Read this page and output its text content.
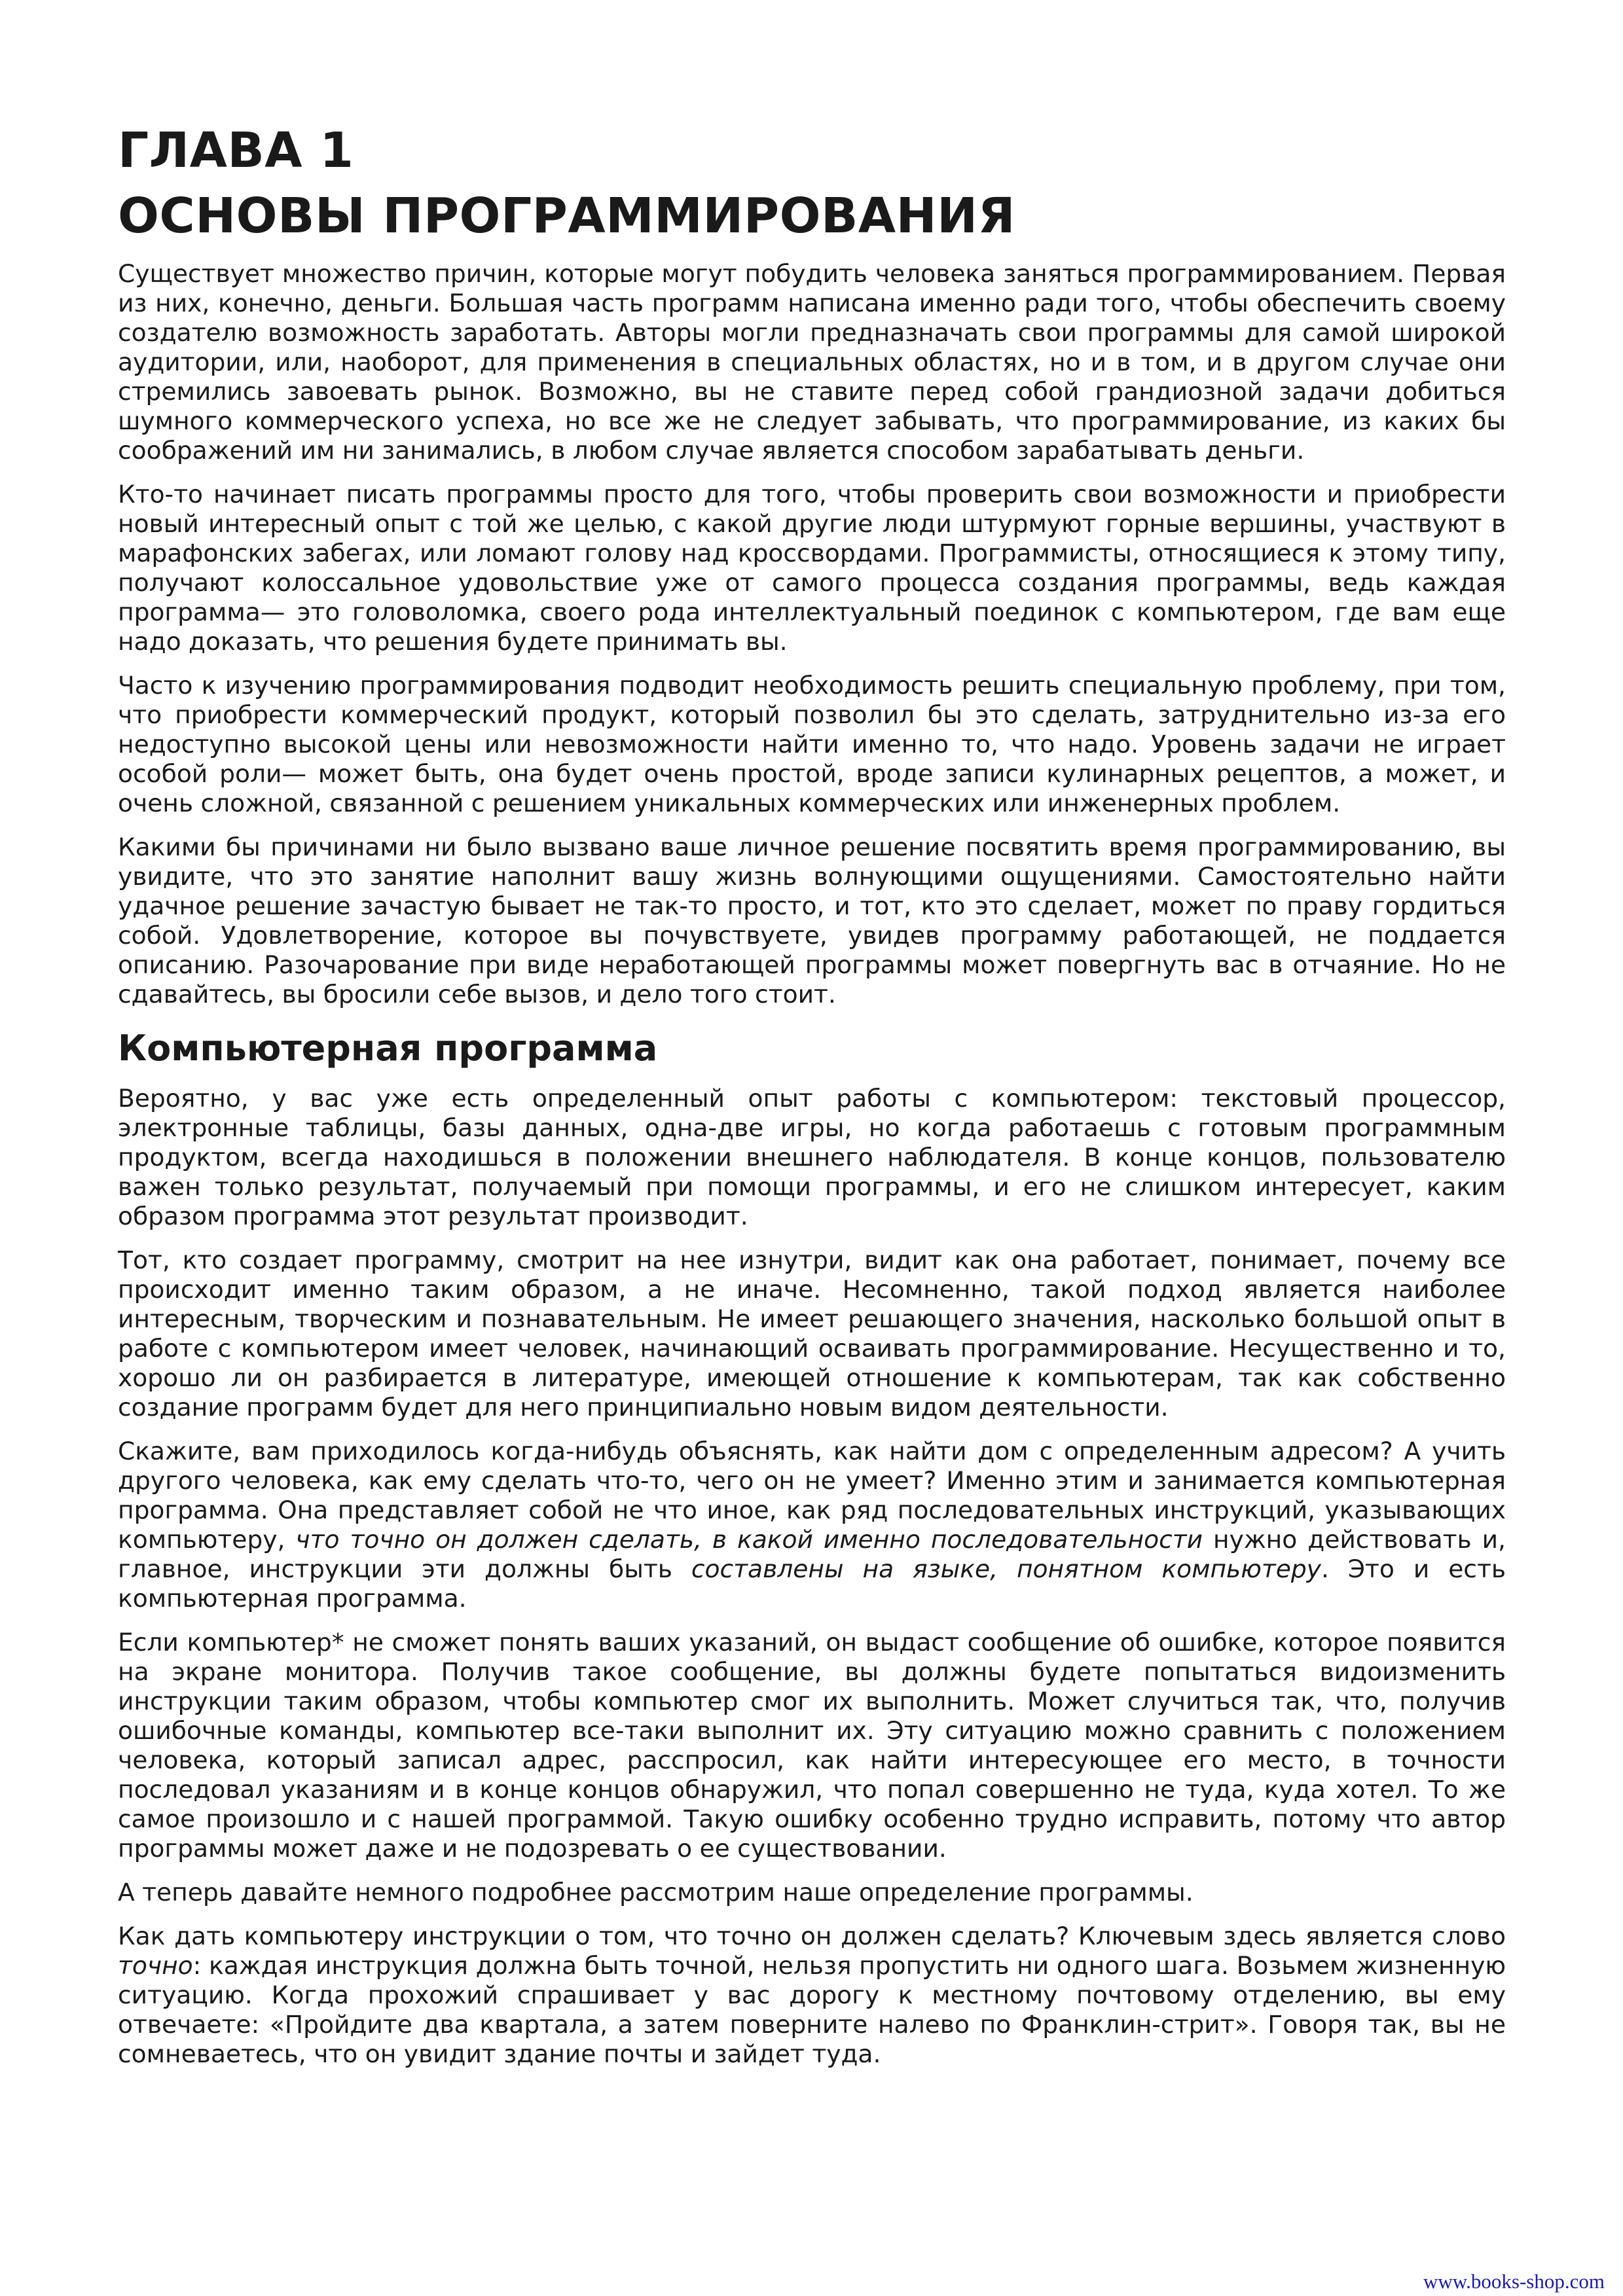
ГЛАВА 1
ОСНОВЫ ПРОГРАММИРОВАНИЯ

Существует множество причин, которые могут побудить человека заняться программированием. Первая из них, конечно, деньги. Большая часть программ написана именно ради того, чтобы обеспечить своему создателю возможность заработать. Авторы могли предназначать свои программы для самой широкой аудитории, или, наоборот, для применения в специальных областях, но и в том, и в другом случае они стремились завоевать рынок. Возможно, вы не ставите перед собой грандиозной задачи добиться шумного коммерческого успеха, но все же не следует забывать, что программирование, из каких бы соображений им ни занимались, в любом случае является способом зарабатывать деньги.

Кто-то начинает писать программы просто для того, чтобы проверить свои возможности и приобрести новый интересный опыт с той же целью, с какой другие люди штурмуют горные вершины, участвуют в марафонских забегах, или ломают голову над кроссвордами. Программисты, относящиеся к этому типу, получают колоссальное удовольствие уже от самого процесса создания программы, ведь каждая программа— это головоломка, своего рода интеллектуальный поединок с компьютером, где вам еще надо доказать, что решения будете принимать вы.

Часто к изучению программирования подводит необходимость решить специальную проблему, при том, что приобрести коммерческий продукт, который позволил бы это сделать, затруднительно из-за его недоступно высокой цены или невозможности найти именно то, что надо. Уровень задачи не играет особой роли— может быть, она будет очень простой, вроде записи кулинарных рецептов, а может, и очень сложной, связанной с решением уникальных коммерческих или инженерных проблем.

Какими бы причинами ни было вызвано ваше личное решение посвятить время программированию, вы увидите, что это занятие наполнит вашу жизнь волнующими ощущениями. Самостоятельно найти удачное решение зачастую бывает не так-то просто, и тот, кто это сделает, может по праву гордиться собой. Удовлетворение, которое вы почувствуете, увидев программу работающей, не поддается описанию. Разочарование при виде неработающей программы может повергнуть вас в отчаяние. Но не сдавайтесь, вы бросили себе вызов, и дело того стоит.

Компьютерная программа

Вероятно, у вас уже есть определенный опыт работы с компьютером: текстовый процессор, электронные таблицы, базы данных, одна-две игры, но когда работаешь с готовым программным продуктом, всегда находишься в положении внешнего наблюдателя. В конце концов, пользователю важен только результат, получаемый при помощи программы, и его не слишком интересует, каким образом программа этот результат производит.

Тот, кто создает программу, смотрит на нее изнутри, видит как она работает, понимает, почему все происходит именно таким образом, а не иначе. Несомненно, такой подход является наиболее интересным, творческим и познавательным. Не имеет решающего значения, насколько большой опыт в работе с компьютером имеет человек, начинающий осваивать программирование. Несущественно и то, хорошо ли он разбирается в литературе, имеющей отношение к компьютерам, так как собственно создание программ будет для него принципиально новым видом деятельности.

Скажите, вам приходилось когда-нибудь объяснять, как найти дом с определенным адресом? А учить другого человека, как ему сделать что-то, чего он не умеет? Именно этим и занимается компьютерная программа. Она представляет собой не что иное, как ряд последовательных инструкций, указывающих компьютеру, что точно он должен сделать, в какой именно последовательности нужно действовать и, главное, инструкции эти должны быть составлены на языке, понятном компьютеру. Это и есть компьютерная программа.

Если компьютер* не сможет понять ваших указаний, он выдаст сообщение об ошибке, которое появится на экране монитора. Получив такое сообщение, вы должны будете попытаться видоизменить инструкции таким образом, чтобы компьютер смог их выполнить. Может случиться так, что, получив ошибочные команды, компьютер все-таки выполнит их. Эту ситуацию можно сравнить с положением человека, который записал адрес, расспросил, как найти интересующее его место, в точности последовал указаниям и в конце концов обнаружил, что попал совершенно не туда, куда хотел. То же самое произошло и с нашей программой. Такую ошибку особенно трудно исправить, потому что автор программы может даже и не подозревать о ее существовании.

А теперь давайте немного подробнее рассмотрим наше определение программы.

Как дать компьютеру инструкции о том, что точно он должен сделать? Ключевым здесь является слово точно: каждая инструкция должна быть точной, нельзя пропустить ни одного шага. Возьмем жизненную ситуацию. Когда прохожий спрашивает у вас дорогу к местному почтовому отделению, вы ему отвечаете: «Пройдите два квартала, а затем поверните налево по Франклин-стрит». Говоря так, вы не сомневаетесь, что он увидит здание почты и зайдет туда.

www.books-shop.com
